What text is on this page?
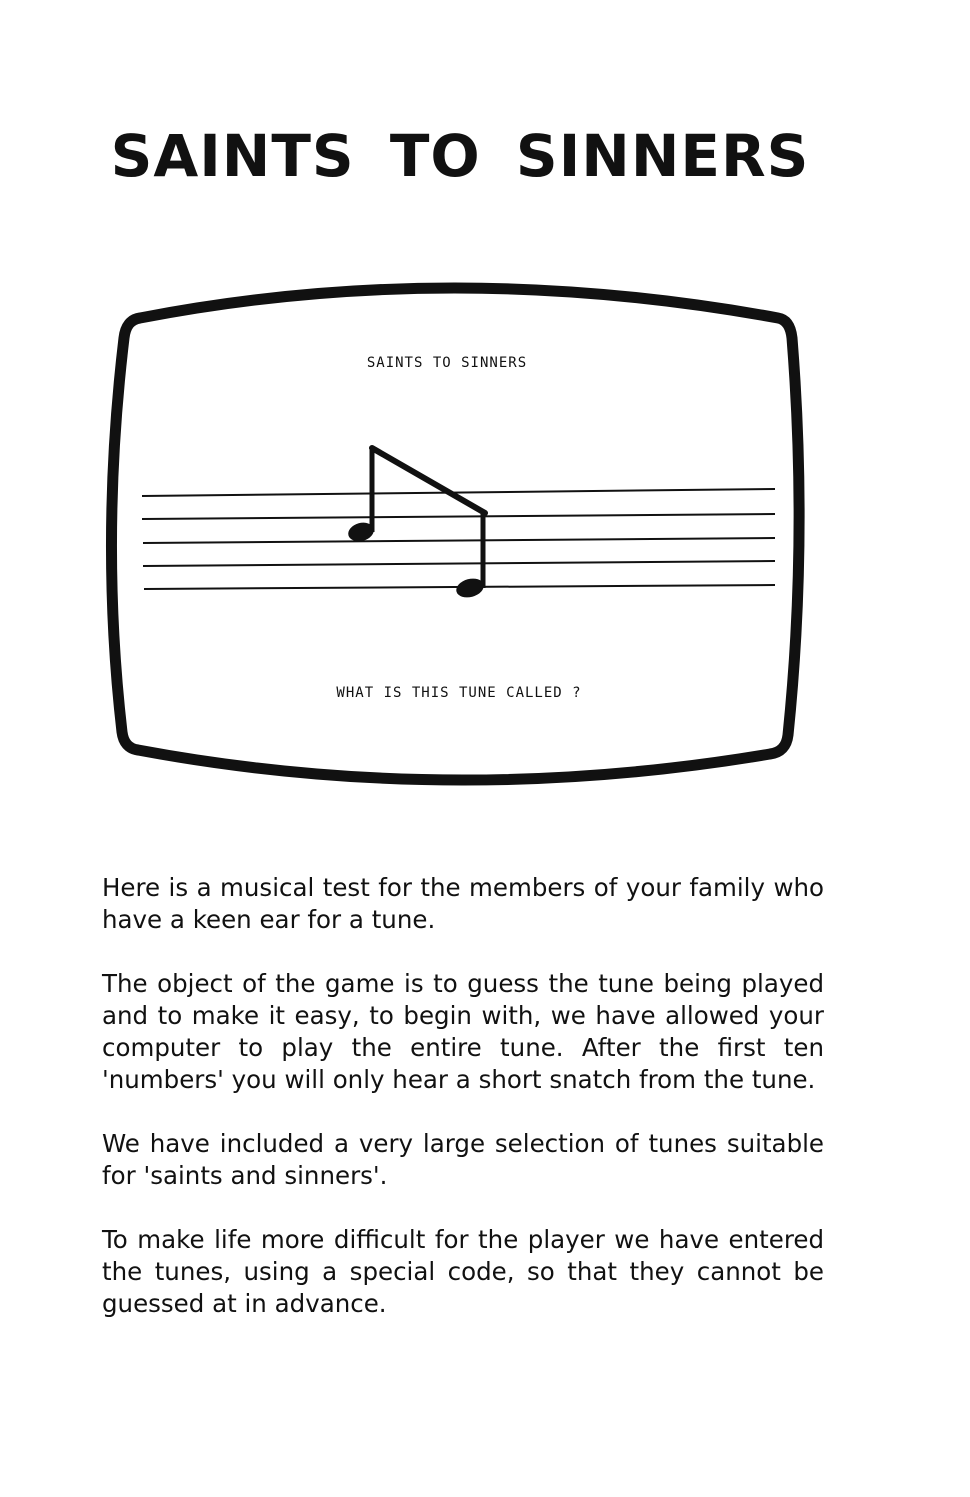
SAINTS TO SINNERS
SAINTS TO SINNERS
WHAT IS THIS TUNE CALLED ?

Here is a musical test for the members of your family who have a keen ear for a tune.

The object of the game is to guess the tune being played and to make it easy, to begin with, we have allowed your computer to play the entire tune. After the first ten 'numbers' you will only hear a short snatch from the tune.

We have included a very large selection of tunes suitable for 'saints and sinners'.

To make life more difficult for the player we have entered the tunes, using a special code, so that they cannot be guessed at in advance.
